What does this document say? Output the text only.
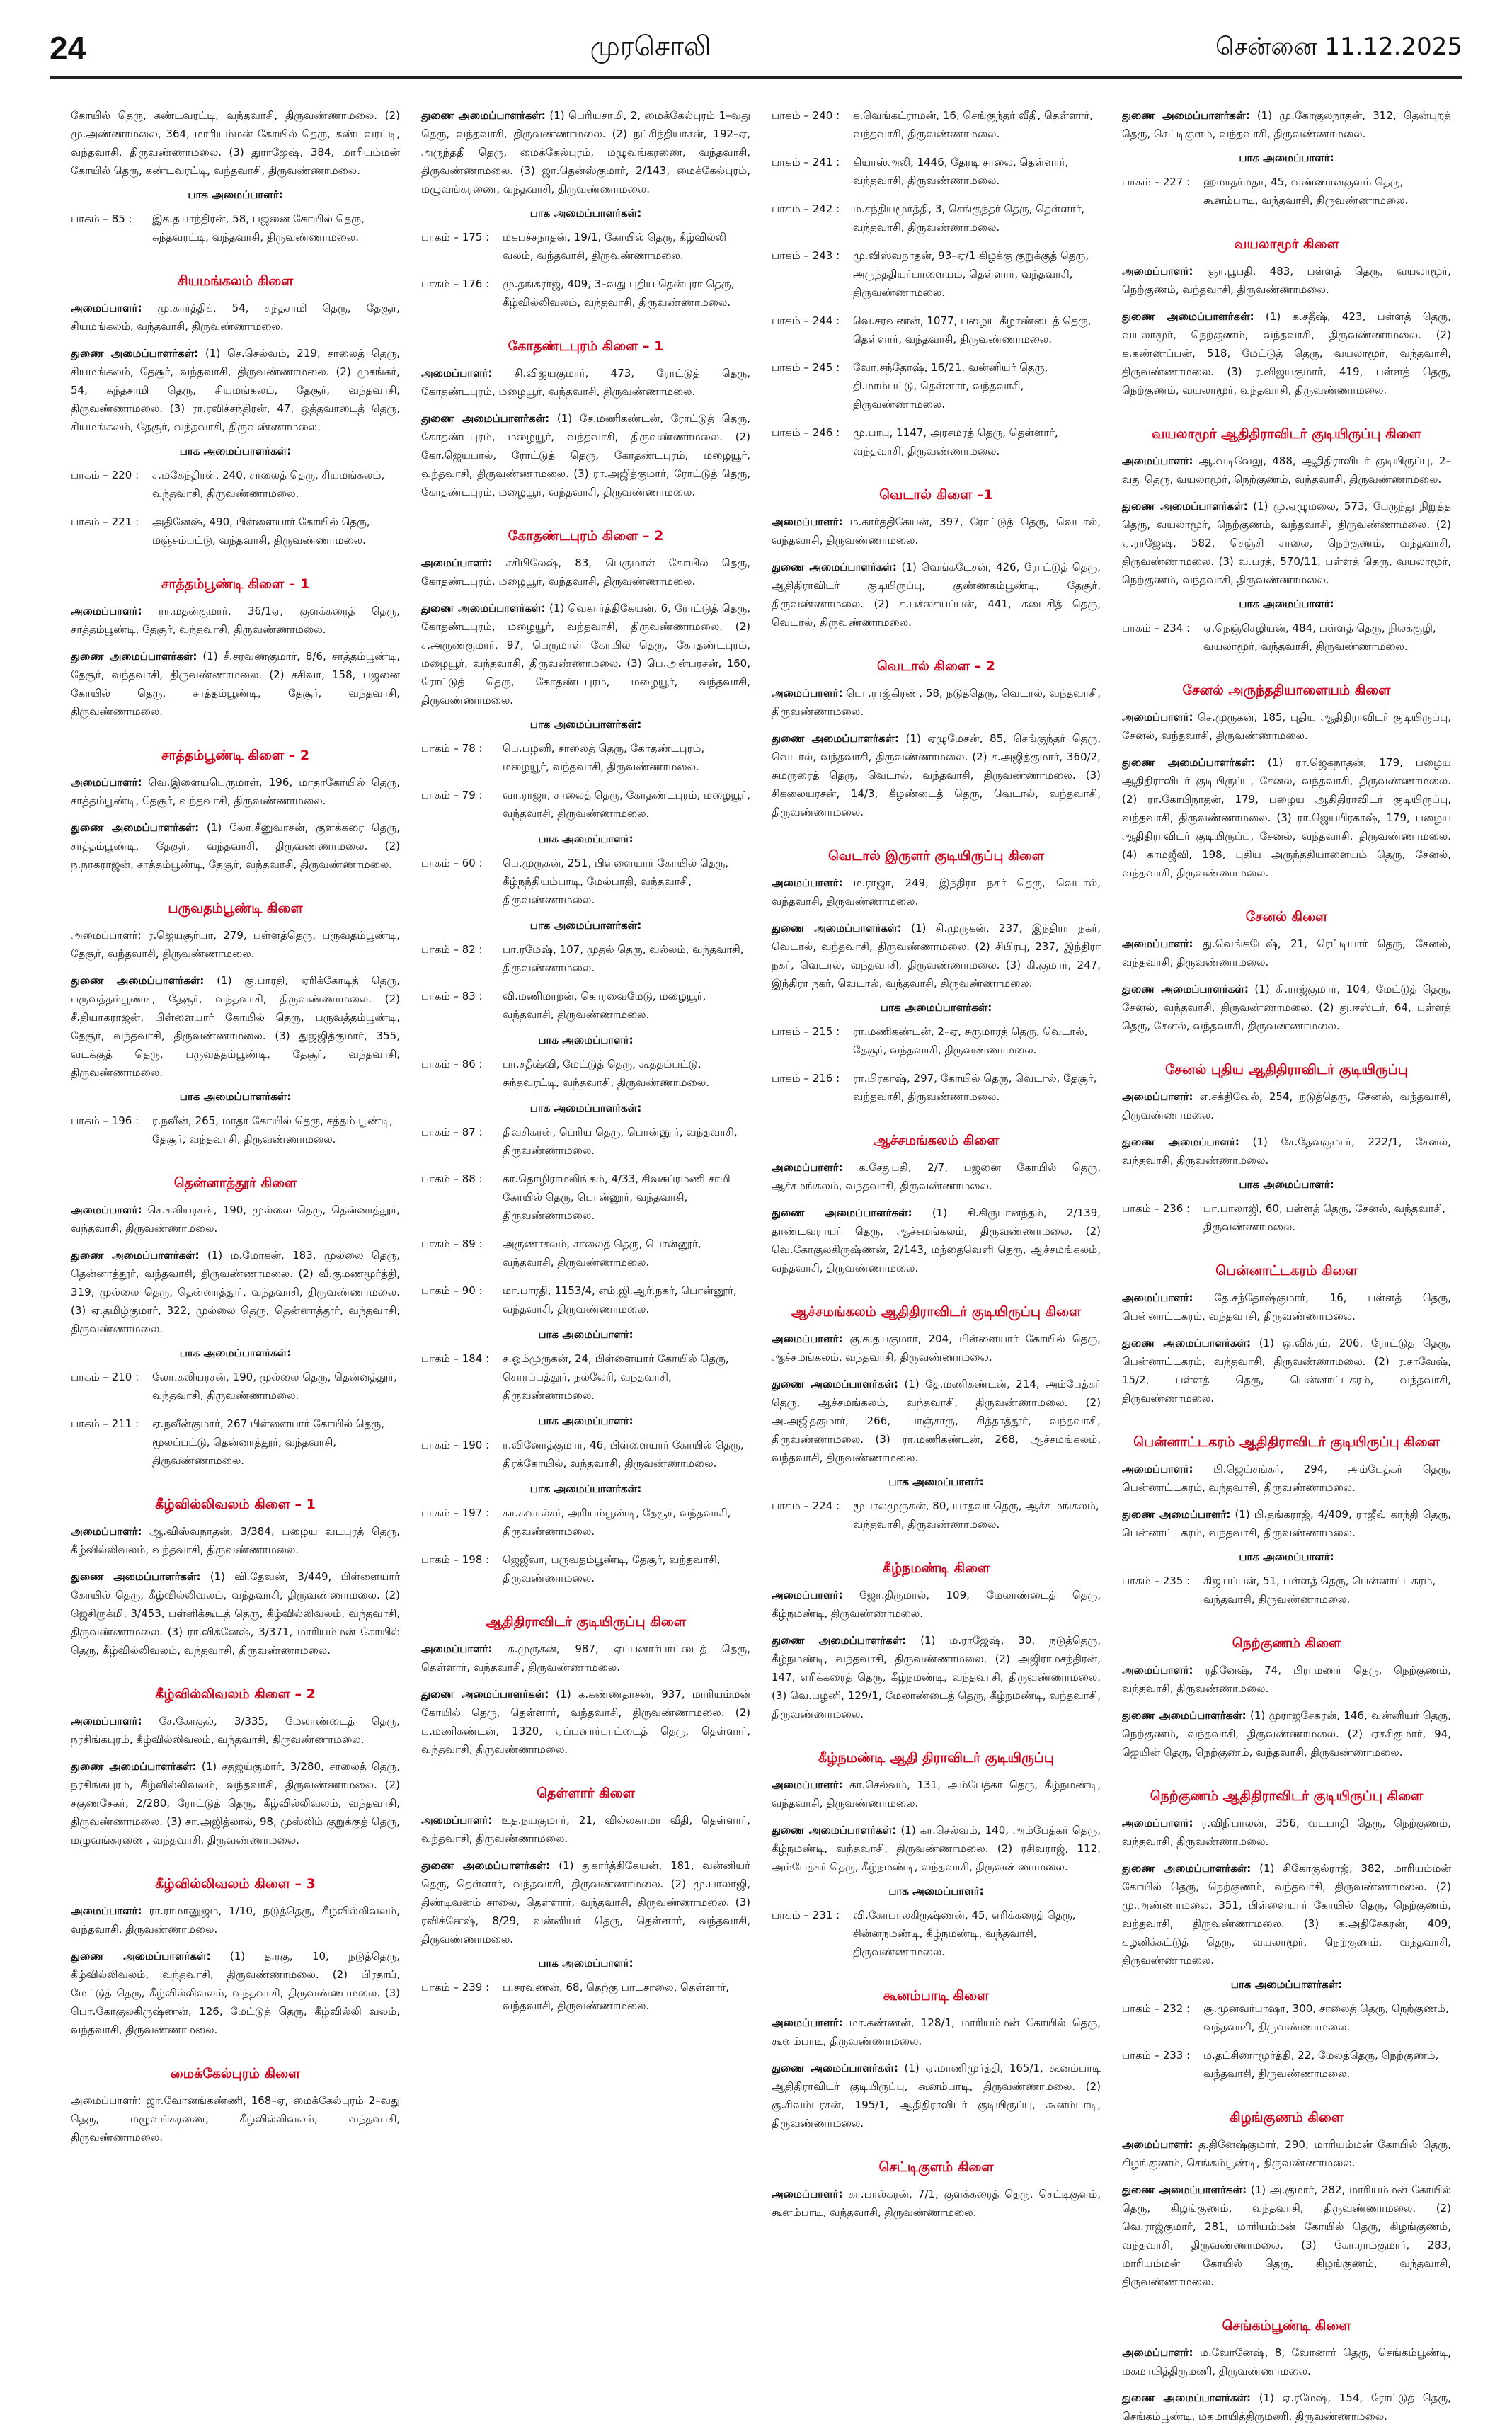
24	முரசொலி	சென்னை 11.12.2025

கோயில் தெரு, கண்டவரட்டி, வந்தவாசி, திருவண்ணாமலை. (2) மு.அண்ணாமலை, 364, மாரியம்மன் கோயில் தெரு, கண்டவரட்டி, வந்தவாசி, திருவண்ணாமலை. (3) துராஜேஷ், 384, மாரியம்மன் கோயில் தெரு, கண்டவரட்டி, வந்தவாசி, திருவண்ணாமலை.

பாக அமைப்பாளர்:
பாகம் – 85 :	இக.தயாந்திரன், 58, பஜனை கோயில் தெரு, சுந்தவரட்டி, வந்தவாசி, திருவண்ணாமலை.
சியமங்கலம் கிளை

அமைப்பாளர்: மு.கார்த்திக், 54, சுந்தசாமி தெரு, தேசூர், சியமங்கலம், வந்தவாசி, திருவண்ணாமலை.

துணை அமைப்பாளர்கள்: (1) செ.செல்வம், 219, சாலைத் தெரு, சியமங்கலம், தேசூர், வந்தவாசி, திருவண்ணாமலை. (2) முசங்கர், 54, சுந்தசாமி தெரு, சியமங்கலம், தேசூர், வந்தவாசி, திருவண்ணாமலை. (3) ரா.ரவிச்சந்திரன், 47, ஒத்தவாடைத் தெரு, சியமங்கலம், தேசூர், வந்தவாசி, திருவண்ணாமலை.

பாக அமைப்பாளர்கள்:
பாகம் – 220 :	ச.மகேந்திரன், 240, சாலைத் தெரு, சியமங்கலம், வந்தவாசி, திருவண்ணாமலை.
பாகம் – 221 :	அதினேஷ், 490, பிள்ளையார் கோயில் தெரு, மஞ்சம்பட்டு, வந்தவாசி, திருவண்ணாமலை.
சாத்தம்பூண்டி கிளை – 1

அமைப்பாளர்: ரா.மதன்குமார், 36/1ஏ, குளக்கரைத் தெரு, சாத்தம்பூண்டி, தேசூர், வந்தவாசி, திருவண்ணாமலை.

துணை அமைப்பாளர்கள்: (1) சீ.சரவணகுமார், 8/6, சாத்தம்பூண்டி, தேசூர், வந்தவாசி, திருவண்ணாமலை. (2) சசிவா, 158, பஜனை கோயில் தெரு, சாத்தம்பூண்டி, தேசூர், வந்தவாசி, திருவண்ணாமலை.

சாத்தம்பூண்டி கிளை – 2

அமைப்பாளர்: வெ.இளையபெருமாள், 196, மாதாகோயில் தெரு, சாத்தம்பூண்டி, தேசூர், வந்தவாசி, திருவண்ணாமலை.

துணை அமைப்பாளர்கள்: (1) லோ.சீனுவாசன், குளக்கரை தெரு, சாத்தம்பூண்டி, தேசூர், வந்தவாசி, திருவண்ணாமலை. (2) ந.நாகராஜன், சாத்தம்பூண்டி, தேசூர், வந்தவாசி, திருவண்ணாமலை.

பருவதம்பூண்டி கிளை

அமைப்பாளர்: ர.ஜெயசூர்யா, 279, பள்ளத்தெரு, பருவதம்பூண்டி, தேசூர், வந்தவாசி, திருவண்ணாமலை.

துணை அமைப்பாளர்கள்: (1) கு.பாரதி, ஏரிக்கோடித் தெரு, பருவத்தம்பூண்டி, தேசூர், வந்தவாசி, திருவண்ணாமலை. (2) சீ.தியாகராஜன், பிள்ளையார் கோயில் தெரு, பருவத்தம்பூண்டி, தேசூர், வந்தவாசி, திருவண்ணாமலை. (3) துஜஜித்குமார், 355, வடக்குத் தெரு, பருவத்தம்பூண்டி, தேசூர், வந்தவாசி, திருவண்ணாமலை.

பாக அமைப்பாளர்கள்:
பாகம் – 196 :	ர.நவீன், 265, மாதா கோயில் தெரு, சத்தம் பூண்டி, தேசூர், வந்தவாசி, திருவண்ணாமலை.
தென்னாத்தூர் கிளை

அமைப்பாளர்: செ.கலியரசன், 190, முல்லை தெரு, தென்னாத்தூர், வந்தவாசி, திருவண்ணாமலை.

துணை அமைப்பாளர்கள்: (1) ம.மோகன், 183, முல்லை தெரு, தென்னாத்தூர், வந்தவாசி, திருவண்ணாமலை. (2) வீ.குமணமூர்த்தி, 319, முல்லை தெரு, தென்னாத்தூர், வந்தவாசி, திருவண்ணாமலை. (3) ஏ.தமிழ்குமார், 322, முல்லை தெரு, தென்னாத்தூர், வந்தவாசி, திருவண்ணாமலை.

பாக அமைப்பாளர்கள்:
பாகம் – 210 :	லோ.கலியரசன், 190, முல்லை தெரு, தென்னத்தூர், வந்தவாசி, திருவண்ணாமலை.
பாகம் – 211 :	ஏ.நவீன்குமார், 267 பிள்ளையார் கோயில் தெரு, மூலப்பட்டு, தென்னாத்தூர், வந்தவாசி, திருவண்ணாமலை.
கீழ்வில்லிவலம் கிளை – 1

அமைப்பாளர்: ஆ.விஸ்வநாதன், 3/384, பழைய வடபுரத் தெரு, கீழ்வில்லிவலம், வந்தவாசி, திருவண்ணாமலை.

துணை அமைப்பாளர்கள்: (1) வி.தேவன், 3/449, பிள்ளையார் கோயில் தெரு, கீழ்வில்லிவலம், வந்தவாசி, திருவண்ணாமலை. (2) ஜெசிருக்மி, 3/453, பள்ளிக்கூடத் தெரு, கீழ்வில்லிவலம், வந்தவாசி, திருவண்ணாமலை. (3) ரா.விக்னேஷ், 3/371, மாரியம்மன் கோயில் தெரு, கீழ்வில்லிவலம், வந்தவாசி, திருவண்ணாமலை.

கீழ்வில்லிவலம் கிளை – 2

அமைப்பாளர்: சே.கோகுல், 3/335, மேலாண்டைத் தெரு, நரசிங்கபுரம், கீழ்வில்லிவலம், வந்தவாசி, திருவண்ணாமலை.

துணை அமைப்பாளர்கள்: (1) சதஜய்குமார், 3/280, சாலைத் தெரு, நரசிங்கபுரம், கீழ்வில்லிவலம், வந்தவாசி, திருவண்ணாமலை. (2) சகுணசேகர், 2/280, ரோட்டுத் தெரு, கீழ்வில்லிவலம், வந்தவாசி, திருவண்ணாமலை. (3) சா.அஜித்லால், 98, முஸ்லிம் குறுக்குத் தெரு, மழுவங்கரணை, வந்தவாசி, திருவண்ணாமலை.

கீழ்வில்லிவலம் கிளை – 3

அமைப்பாளர்: ரா.ராமானுஜம், 1/10, நடுத்தெரு, கீழ்வில்லிவலம், வந்தவாசி, திருவண்ணாமலை.

துணை அமைப்பாளர்கள்: (1) த.ரகு, 10, நடுத்தெரு, கீழ்வில்லிவலம், வந்தவாசி, திருவண்ணாமலை. (2) பிரதாப், மேட்டுத் தெரு, கீழ்வில்லிவலம், வந்தவாசி, திருவண்ணாமலை. (3) பொ.கோகுலகிருஷ்ணன், 126, மேட்டுத் தெரு, கீழ்வில்லி வலம், வந்தவாசி, திருவண்ணாமலை.

மைக்கேல்புரம் கிளை

அமைப்பாளர்: ஜா.வோனங்கண்ணி, 168–ஏ, மைக்கேல்புரம் 2–வது தெரு, மழுவங்கரணை, கீழ்வில்லிவலம், வந்தவாசி, திருவண்ணாமலை.

துணை அமைப்பாளர்கள்: (1) பெரியசாமி, 2, மைக்கேல்புரம் 1–வது தெரு, வந்தவாசி, திருவண்ணாமலை. (2) நட்சிந்தியாசன், 192–ஏ, அருந்ததி தெரு, மைக்கேல்புரம், மழுவங்கரணை, வந்தவாசி, திருவண்ணாமலை. (3) ஜா.தென்ஸ்குமார், 2/143, மைக்கேல்புரம், மழுவங்கரணை, வந்தவாசி, திருவண்ணாமலை.

பாக அமைப்பாளர்கள்:
பாகம் – 175 :	மகபச்சநாதன், 19/1, கோயில் தெரு, கீழ்வில்லி வலம், வந்தவாசி, திருவண்ணாமலை.
பாகம் – 176 :	மு.தங்கராஜ், 409, 3–வது புதிய தென்புரா தெரு, கீழ்வில்லிவலம், வந்தவாசி, திருவண்ணாமலை.
கோதண்டபுரம் கிளை – 1

அமைப்பாளர்: சி.விஜயகுமார், 473, ரோட்டுத் தெரு, கோதண்டபுரம், மழையூர், வந்தவாசி, திருவண்ணாமலை.

துணை அமைப்பாளர்கள்: (1) சே.மணிகண்டன், ரோட்டுத் தெரு, கோதண்டபுரம், மழையூர், வந்தவாசி, திருவண்ணாமலை. (2) கோ.ஜெயபால், ரோட்டுத் தெரு, கோதண்டபுரம், மழையூர், வந்தவாசி, திருவண்ணாமலை. (3) ரா.அஜித்குமார், ரோட்டுத் தெரு, கோதண்டபுரம், மழையூர், வந்தவாசி, திருவண்ணாமலை.

கோதண்டபுரம் கிளை – 2

அமைப்பாளர்: சசிபிலேஷ், 83, பெருமாள் கோயில் தெரு, கோதண்டபுரம், மழையூர், வந்தவாசி, திருவண்ணாமலை.

துணை அமைப்பாளர்கள்: (1) வெகார்த்திகேயன், 6, ரோட்டுத் தெரு, கோதண்டபுரம், மழையூர், வந்தவாசி, திருவண்ணாமலை. (2) ச.அருண்குமார், 97, பெருமாள் கோயில் தெரு, கோதண்டபுரம், மழையூர், வந்தவாசி, திருவண்ணாமலை. (3) பெ.அன்பரசன், 160, ரோட்டுத் தெரு, கோதண்டபுரம், மழையூர், வந்தவாசி, திருவண்ணாமலை.

பாக அமைப்பாளர்கள்:
பாகம் – 78 :	பெ.பழனி, சாலைத் தெரு, கோதண்டபுரம், மழையூர், வந்தவாசி, திருவண்ணாமலை.
பாகம் – 79 :	வா.ராஜா, சாலைத் தெரு, கோதண்டபுரம், மழையூர், வந்தவாசி, திருவண்ணாமலை.
பாக அமைப்பாளர்:
பாகம் – 60 :	பெ.முருகன், 251, பிள்ளையார் கோயில் தெரு, கீழ்நந்தியம்பாடி, மேல்பாதி, வந்தவாசி, திருவண்ணாமலை.
பாக அமைப்பாளர்கள்:
பாகம் – 82 :	பா.ரமேஷ், 107, முதல் தெரு, வல்லம், வந்தவாசி, திருவண்ணாமலை.
பாகம் – 83 :	வி.மணிமாறன், கொரவைமேடு, மழையூர், வந்தவாசி, திருவண்ணாமலை.
பாக அமைப்பாளர்:
பாகம் – 86 :	பா.சதீஷ்வி, மேட்டுத் தெரு, கூத்தம்பட்டு, சுந்தவரட்டி, வந்தவாசி, திருவண்ணாமலை.
பாக அமைப்பாளர்கள்:
பாகம் – 87 :	திவசிகரன், பெரிய தெரு, பொன்னூர், வந்தவாசி, திருவண்ணாமலை.
பாகம் – 88 :	கா.தொழிராமலிங்கம், 4/33, சிவசுப்ரமணி சாமி கோயில் தெரு, பொன்னூர், வந்தவாசி, திருவண்ணாமலை.
பாகம் – 89 :	அருணாசலம், சாலைத் தெரு, பொன்னூர், வந்தவாசி, திருவண்ணாமலை.
பாகம் – 90 :	மா.பாரதி, 1153/4, எம்.ஜி.ஆர்.நகர், பொன்னூர், வந்தவாசி, திருவண்ணாமலை.
பாக அமைப்பாளர்:
பாகம் – 184 :	ச.ஓம்முருகன், 24, பிள்ளையார் கோயில் தெரு, சொரப்பத்தூர், நல்லேரி, வந்தவாசி, திருவண்ணாமலை.
பாக அமைப்பாளர்:
பாகம் – 190 :	ர.வினோத்குமார், 46, பிள்ளையார் கோயில் தெரு, திரக்கோயில், வந்தவாசி, திருவண்ணாமலை.
பாக அமைப்பாளர்கள்:
பாகம் – 197 :	கா.கவால்சர், அரியம்பூண்டி, தேசூர், வந்தவாசி, திருவண்ணாமலை.
பாகம் – 198 :	ஜெஜீவா, பருவதம்பூண்டி, தேசூர், வந்தவாசி, திருவண்ணாமலை.
ஆதிதிராவிடர் குடியிருப்பு கிளை

அமைப்பாளர்: க.முருகன், 987, ஏப்பனார்பாட்டைத் தெரு, தெள்ளார், வந்தவாசி, திருவண்ணாமலை.

துணை அமைப்பாளர்கள்: (1) க.கண்ணதாசன், 937, மாரியம்மன் கோயில் தெரு, தெள்ளார், வந்தவாசி, திருவண்ணாமலை. (2) ப.மணிகண்டன், 1320, ஏப்பனார்பாட்டைத் தெரு, தெள்ளார், வந்தவாசி, திருவண்ணாமலை.

தெள்ளார் கிளை

அமைப்பாளர்: உத.நயகுமார், 21, வில்லகாமா வீதி, தெள்ளார், வந்தவாசி, திருவண்ணாமலை.

துணை அமைப்பாளர்கள்: (1) துகார்த்திகேயன், 181, வன்னியர் தெரு, தெள்ளார், வந்தவாசி, திருவண்ணாமலை. (2) மு.பாலாஜி, திண்டிவனம் சாலை, தெள்ளார், வந்தவாசி, திருவண்ணாமலை. (3) ரவிக்னேஷ், 8/29, வன்னியர் தெரு, தெள்ளார், வந்தவாசி, திருவண்ணாமலை.

பாக அமைப்பாளர்:
பாகம் – 239 :	ப.சரவணன், 68, தெற்கு பாடசாலை, தெள்ளார், வந்தவாசி, திருவண்ணாமலை.
பாகம் – 240 :	க.வெங்கட்ராமன், 16, செங்குந்தர் வீதி, தெள்ளார், வந்தவாசி, திருவண்ணாமலை.
பாகம் – 241 :	கியாஸ்அலி, 1446, தேரடி சாலை, தெள்ளார், வந்தவாசி, திருவண்ணாமலை.
பாகம் – 242 :	ம.சந்தியமூர்த்தி, 3, செங்குந்தர் தெரு, தெள்ளார், வந்தவாசி, திருவண்ணாமலை.
பாகம் – 243 :	மு.விஸ்வநாதன், 93–ஏ/1 கிழக்கு குறுக்குத் தெரு, அருந்ததியர்பாளையம், தெள்ளார், வந்தவாசி, திருவண்ணாமலை.
பாகம் – 244 :	வெ.சரவணன், 1077, பழைய கீழாண்டைத் தெரு, தெள்ளார், வந்தவாசி, திருவண்ணாமலை.
பாகம் – 245 :	வோ.சந்தோஷ், 16/21, வன்னியர் தெரு, தி.மாம்பட்டு, தெள்ளார், வந்தவாசி, திருவண்ணாமலை.
பாகம் – 246 :	மு.பாபு, 1147, அரசமரத் தெரு, தெள்ளார், வந்தவாசி, திருவண்ணாமலை.
வெடால் கிளை –1

அமைப்பாளர்: ம.கார்த்திகேயன், 397, ரோட்டுத் தெரு, வெடால், வந்தவாசி, திருவண்ணாமலை.

துணை அமைப்பாளர்கள்: (1) வெங்கடேசன், 426, ரோட்டுத் தெரு, ஆதிதிராவிடர் குடியிருப்பு, குண்ணகம்பூண்டி, தேசூர், திருவண்ணாமலை. (2) க.பச்சையப்பன், 441, கடைசித் தெரு, வெடால், திருவண்ணாமலை.

வெடால் கிளை – 2

அமைப்பாளர்: பொ.ராஜ்கிரண், 58, நடுத்தெரு, வெடால், வந்தவாசி, திருவண்ணாமலை.

துணை அமைப்பாளர்கள்: (1) ஏழுமேசன், 85, செங்குந்தர் தெரு, வெடால், வந்தவாசி, திருவண்ணாமலை. (2) ச.அஜித்குமார், 360/2, சுமருரைத் தெரு, வெடால், வந்தவாசி, திருவண்ணாமலை. (3) சிகலையரசன், 14/3, கீழண்டைத் தெரு, வெடால், வந்தவாசி, திருவண்ணாமலை.

வெடால் இருளர் குடியிருப்பு கிளை

அமைப்பாளர்: ம.ராஜா, 249, இந்திரா நகர் தெரு, வெடால், வந்தவாசி, திருவண்ணாமலை.

துணை அமைப்பாளர்கள்: (1) சி.முருகன், 237, இந்திரா நகர், வெடால், வந்தவாசி, திருவண்ணாமலை. (2) சிபிரபு, 237, இந்திரா நகர், வெடால், வந்தவாசி, திருவண்ணாமலை. (3) கி.குமார், 247, இந்திரா நகர், வெடால், வந்தவாசி, திருவண்ணாமலை.

பாக அமைப்பாளர்கள்:
பாகம் – 215 :	ரா.மணிகண்டன், 2–ஏ, சுருமாரத் தெரு, வெடால், தேசூர், வந்தவாசி, திருவண்ணாமலை.
பாகம் – 216 :	ரா.பிரகாஷ், 297, கோயில் தெரு, வெடால், தேசூர், வந்தவாசி, திருவண்ணாமலை.
ஆச்சமங்கலம் கிளை

அமைப்பாளர்: க.சேதுபதி, 2/7, பஜனை கோயில் தெரு, ஆச்சமங்கலம், வந்தவாசி, திருவண்ணாமலை.

துணை அமைப்பாளர்கள்: (1) சி.கிருபானந்தம், 2/139, தாண்டவராயர் தெரு, ஆச்சமங்கலம், திருவண்ணாமலை. (2) வெ.கோகுலகிருஷ்ணன், 2/143, மந்தைவெளி தெரு, ஆச்சமங்கலம், வந்தவாசி, திருவண்ணாமலை.

ஆச்சமங்கலம் ஆதிதிராவிடர் குடியிருப்பு கிளை

அமைப்பாளர்: கு.க.தயகுமார், 204, பிள்ளையார் கோயில் தெரு, ஆச்சமங்கலம், வந்தவாசி, திருவண்ணாமலை.

துணை அமைப்பாளர்கள்: (1) தே.மணிகண்டன், 214, அம்பேத்கர் தெரு, ஆச்சமங்கலம், வந்தவாசி, திருவண்ணாமலை. (2) அ.அஜித்குமார், 266, பாஞ்சாரு, சித்தாத்தூர், வந்தவாசி, திருவண்ணாமலை. (3) ரா.மணிகண்டன், 268, ஆச்சமங்கலம், வந்தவாசி, திருவண்ணாமலை.

பாக அமைப்பாளர்:
பாகம் – 224 :	மூபாலமுருகன், 80, யாதவர் தெரு, ஆச்ச மங்கலம், வந்தவாசி, திருவண்ணாமலை.
கீழ்நமண்டி கிளை

அமைப்பாளர்: ஜோ.திருமால், 109, மேலாண்டைத் தெரு, கீழ்நமண்டி, திருவண்ணாமலை.

துணை அமைப்பாளர்கள்: (1) ம.ராஜேஷ், 30, நடுத்தெரு, கீழ்நமண்டி, வந்தவாசி, திருவண்ணாமலை. (2) அஜிராமசந்திரன், 147, எரிக்கரைத் தெரு, கீழ்நமண்டி, வந்தவாசி, திருவண்ணாமலை. (3) வெ.பழனி, 129/1, மேலாண்டைத் தெரு, கீழ்நமண்டி, வந்தவாசி, திருவண்ணாமலை.

கீழ்நமண்டி ஆதி திராவிடர் குடியிருப்பு

அமைப்பாளர்: கா.செல்வம், 131, அம்பேத்கர் தெரு, கீழ்நமண்டி, வந்தவாசி, திருவண்ணாமலை.

துணை அமைப்பாளர்கள்: (1) கா.செல்வம், 140, அம்பேத்கர் தெரு, கீழ்நமண்டி, வந்தவாசி, திருவண்ணாமலை. (2) ரசிவராஜ், 112, அம்பேத்கர் தெரு, கீழ்நமண்டி, வந்தவாசி, திருவண்ணாமலை.

பாக அமைப்பாளர்:
பாகம் – 231 :	வி.கோபாலகிருஷ்ணன், 45, எரிக்கரைத் தெரு, சின்னநமண்டி, கீழ்நமண்டி, வந்தவாசி, திருவண்ணாமலை.
கூனம்பாடி கிளை

அமைப்பாளர்: மா.கண்ணன், 128/1, மாரியம்மன் கோயில் தெரு, கூனம்பாடி, திருவண்ணாமலை.

துணை அமைப்பாளர்கள்: (1) ஏ.மாணிமூர்த்தி, 165/1, கூனம்பாடி ஆதிதிராவிடர் குடியிருப்பு, கூனம்பாடி, திருவண்ணாமலை. (2) கு.சிவம்பரசன், 195/1, ஆதிதிராவிடர் குடியிருப்பு, கூனம்பாடி, திருவண்ணாமலை.

செட்டிகுளம் கிளை

அமைப்பாளர்: கா.பால்கரன், 7/1, குளக்கரைத் தெரு, செட்டிகுளம், கூனம்பாடி, வந்தவாசி, திருவண்ணாமலை.

துணை அமைப்பாளர்கள்: (1) மு.கோகுலநாதன், 312, தென்புறத் தெரு, செட்டிகுளம், வந்தவாசி, திருவண்ணாமலை.

பாக அமைப்பாளர்:
பாகம் – 227 :	ஹமாதர்மதா, 45, வண்ணான்குளம் தெரு, கூனம்பாடி, வந்தவாசி, திருவண்ணாமலை.
வயலாமூர் கிளை

அமைப்பாளர்: ஞா.பூபதி, 483, பள்ளத் தெரு, வயலாமூர், நெற்குணம், வந்தவாசி, திருவண்ணாமலை.

துணை அமைப்பாளர்கள்: (1) க.சதீஷ், 423, பள்ளத் தெரு, வயலாமூர், நெற்குணம், வந்தவாசி, திருவண்ணாமலை. (2) க.கண்ணப்பன், 518, மேட்டுத் தெரு, வயலாமூர், வந்தவாசி, திருவண்ணாமலை. (3) ர.விஜயகுமார், 419, பள்ளத் தெரு, நெற்குணம், வயலாமூர், வந்தவாசி, திருவண்ணாமலை.

வயலாமூர் ஆதிதிராவிடர் குடியிருப்பு கிளை

அமைப்பாளர்: ஆ.வடிவேலு, 488, ஆதிதிராவிடர் குடியிருப்பு, 2–வது தெரு, வயலாமூர், நெற்குணம், வந்தவாசி, திருவண்ணாமலை.

துணை அமைப்பாளர்கள்: (1) மு.ஏழுமலை, 573, பேருந்து நிறுத்த தெரு, வயலாமூர், நெற்குணம், வந்தவாசி, திருவண்ணாமலை. (2) ஏ.ராஜேஷ், 582, செஞ்சி சாலை, நெற்குணம், வந்தவாசி, திருவண்ணாமலை. (3) வ.பரத், 570/11, பள்ளத் தெரு, வயலாமூர், நெற்குணம், வந்தவாசி, திருவண்ணாமலை.

பாக அமைப்பாளர்:
பாகம் – 234 :	ஏ.நெஞ்செழியன், 484, பள்ளத் தெரு, நிலக்குழி, வயலாமூர், வந்தவாசி, திருவண்ணாமலை.
சேனல் அருந்ததியாளையம் கிளை

அமைப்பாளர்: செ.முருகன், 185, புதிய ஆதிதிராவிடர் குடியிருப்பு, சேனல், வந்தவாசி, திருவண்ணாமலை.

துணை அமைப்பாளர்கள்: (1) ரா.ஜெகநாதன், 179, பழைய ஆதிதிராவிடர் குடியிருப்பு, சேனல், வந்தவாசி, திருவண்ணாமலை. (2) ரா.கோபிநாதன், 179, பழைய ஆதிதிராவிடர் குடியிருப்பு, வந்தவாசி, திருவண்ணாமலை. (3) ரா.ஜெயபிரகாஷ், 179, பழைய ஆதிதிராவிடர் குடியிருப்பு, சேனல், வந்தவாசி, திருவண்ணாமலை. (4) காமஜீவி, 198, புதிய அருந்ததியாளையம் தெரு, சேனல், வந்தவாசி, திருவண்ணாமலை.

சேனல் கிளை

அமைப்பாளர்: து.வெங்கடேஷ், 21, ரெட்டியார் தெரு, சேனல், வந்தவாசி, திருவண்ணாமலை.

துணை அமைப்பாளர்கள்: (1) கி.ராஜ்குமார், 104, மேட்டுத் தெரு, சேனல், வந்தவாசி, திருவண்ணாமலை. (2) து.ஈஸ்டர், 64, பள்ளத் தெரு, சேனல், வந்தவாசி, திருவண்ணாமலை.

சேனல் புதிய ஆதிதிராவிடர் குடியிருப்பு

அமைப்பாளர்: எ.சக்திவேல், 254, நடுத்தெரு, சேனல், வந்தவாசி, திருவண்ணாமலை.

துணை அமைப்பாளர்: (1) சே.தேவகுமார், 222/1, சேனல், வந்தவாசி, திருவண்ணாமலை.

பாக அமைப்பாளர்:
பாகம் – 236 :	பா.பாலாஜி, 60, பள்ளத் தெரு, சேனல், வந்தவாசி, திருவண்ணாமலை.
பென்னாட்டகரம் கிளை

அமைப்பாளர்: தே.சந்தோஷ்குமார், 16, பள்ளத் தெரு, பென்னாட்டகரம், வந்தவாசி, திருவண்ணாமலை.

துணை அமைப்பாளர்கள்: (1) ஒ.விக்ரம், 206, ரோட்டுத் தெரு, பென்னாட்டகரம், வந்தவாசி, திருவண்ணாமலை. (2) ர.சாவேஷ், 15/2, பள்ளத் தெரு, பென்னாட்டகரம், வந்தவாசி, திருவண்ணாமலை.

பென்னாட்டகரம் ஆதிதிராவிடர் குடியிருப்பு கிளை

அமைப்பாளர்: பி.ஜெய்சங்கர், 294, அம்பேத்கர் தெரு, பென்னாட்டகரம், வந்தவாசி, திருவண்ணாமலை.

துணை அமைப்பாளர்: (1) பி.தங்கராஜ், 4/409, ராஜீவ் காந்தி தெரு, பென்னாட்டகரம், வந்தவாசி, திருவண்ணாமலை.

பாக அமைப்பாளர்:
பாகம் – 235 :	கிஜயப்பன், 51, பள்ளத் தெரு, பென்னாட்டகரம், வந்தவாசி, திருவண்ணாமலை.
நெற்குணம் கிளை

அமைப்பாளர்: ரதினேஷ், 74, பிராமணர் தெரு, நெற்குணம், வந்தவாசி, திருவண்ணாமலை.

துணை அமைப்பாளர்கள்: (1) முராஜசேகரன், 146, வன்னியர் தெரு, நெற்குணம், வந்தவாசி, திருவண்ணாமலை. (2) ஏசசிகுமார், 94, ஜெயின் தெரு, நெற்குணம், வந்தவாசி, திருவண்ணாமலை.

நெற்குணம் ஆதிதிராவிடர் குடியிருப்பு கிளை

அமைப்பாளர்: ர.விநிபாலன், 356, வடபாதி தெரு, நெற்குணம், வந்தவாசி, திருவண்ணாமலை.

துணை அமைப்பாளர்கள்: (1) சிகோகுல்ராஜ், 382, மாரியம்மன் கோயில் தெரு, நெற்குணம், வந்தவாசி, திருவண்ணாமலை. (2) மு.அண்ணாமலை, 351, பிள்ளையார் கோயில் தெரு, நெற்குணம், வந்தவாசி, திருவண்ணாமலை. (3) க.அதிசேகரன், 409, கழனிக்கட்டுத் தெரு, வயலாமூர், நெற்குணம், வந்தவாசி, திருவண்ணாமலை.

பாக அமைப்பாளர்கள்:
பாகம் – 232 :	சூ.முனவர்பாஷா, 300, சாலைத் தெரு, நெற்குணம், வந்தவாசி, திருவண்ணாமலை.
பாகம் – 233 :	ம.தட்சிணாமூர்த்தி, 22, மேலத்தெரு, நெற்குணம், வந்தவாசி, திருவண்ணாமலை.
கிழங்குணம் கிளை

அமைப்பாளர்: த.தினேஷ்குமார், 290, மாரியம்மன் கோயில் தெரு, கிழங்குணம், செங்கம்பூண்டி, திருவண்ணாமலை.

துணை அமைப்பாளர்கள்: (1) அ.குமார், 282, மாரியம்மன் கோயில் தெரு, கிழங்குணம், வந்தவாசி, திருவண்ணாமலை. (2) வெ.ராஜ்குமார், 281, மாரியம்மன் கோயில் தெரு, கிழங்குணம், வந்தவாசி, திருவண்ணாமலை. (3) கோ.ராம்குமார், 283, மாரியம்மன் கோயில் தெரு, கிழங்குணம், வந்தவாசி, திருவண்ணாமலை.

செங்கம்பூண்டி கிளை

அமைப்பாளர்: ம.வோனேஷ், 8, வோனார் தெரு, செங்கம்பூண்டி, மகமாயித்திருமணி, திருவண்ணாமலை.

துணை அமைப்பாளர்கள்: (1) ஏ.ரமேஷ், 154, ரோட்டுத் தெரு, செங்கம்பூண்டி, மகமாயித்திருமணி, திருவண்ணாமலை.
